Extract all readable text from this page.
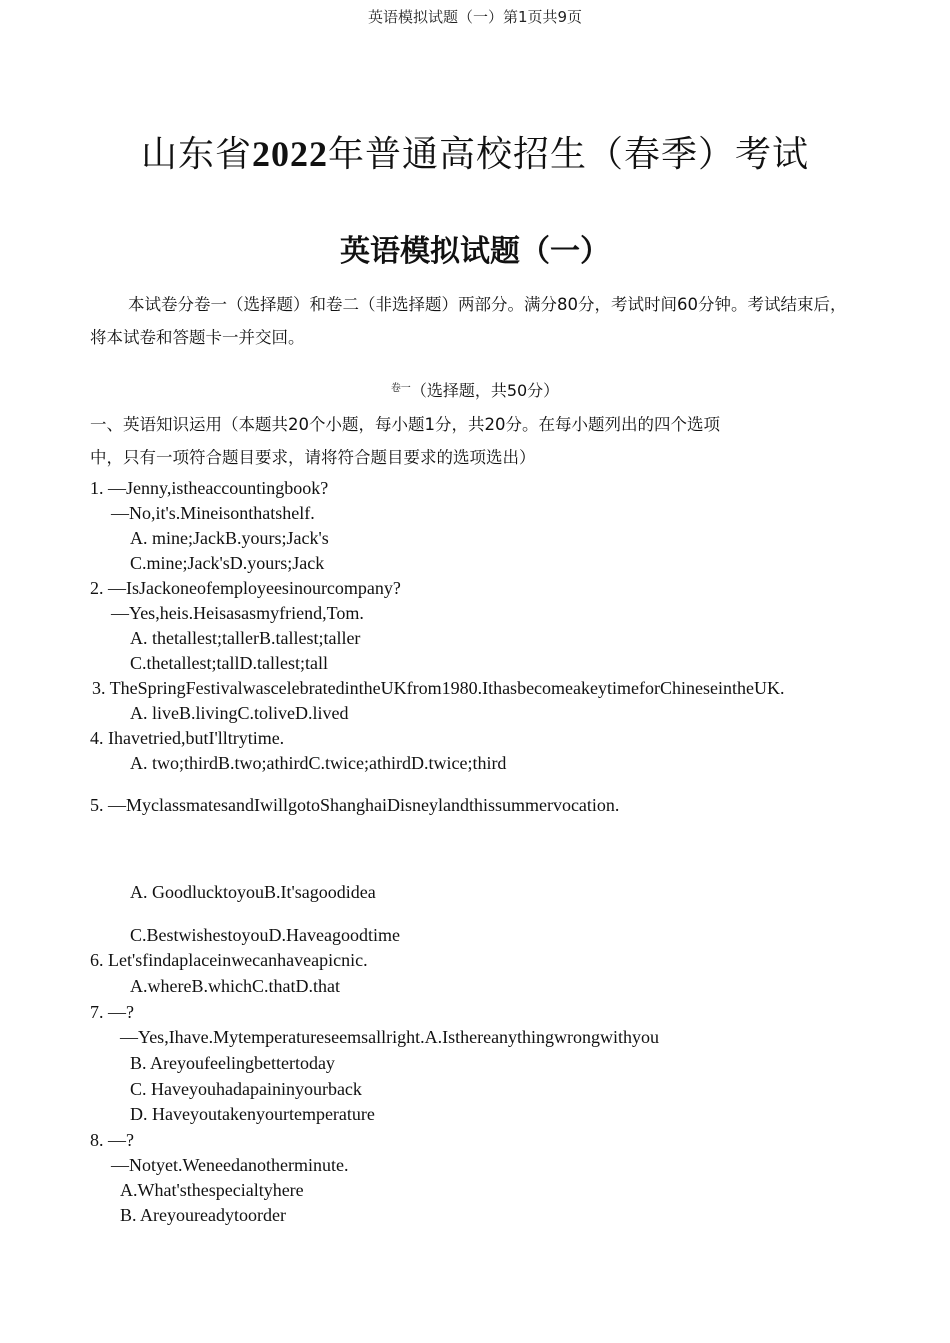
英语模拟试题（一）第1页共9页
山东省2022年普通高校招生（春季）考试
英语模拟试题（一）
本试卷分卷一（选择题）和卷二（非选择题）两部分。满分80分，考试时间60分钟。考试结束后，将本试卷和答题卡一并交回。
$^{卷一}$（选择题，共50分）
一、英语知识运用（本题共20个小题，每小题1分，共20分。在每小题列出的四个选项
中，只有一项符合题目要求，请将符合题目要求的选项选出）
1. —Jenny,istheaccountingbook?
—No,it's.Mineisonthatshelf.
A. mine;JackB.yours;Jack's
C.mine;Jack'sD.yours;Jack
2. —IsJackoneofemployeesinourcompany?
—Yes,heis.Heisasasmyfriend,Tom.
A. thetallest;tallerB.tallest;taller
C.thetallest;tallD.tallest;tall
3. TheSpringFestivalwascelebratedintheUKfrom1980.IthasbecomeakeytimeforChineseintheUK.
A. liveB.livingC.toliveD.lived
4. Ihavetried,butI'lltrytime.
A. two;thirdB.two;athirdC.twice;athirdD.twice;third
5. —MyclassmatesandIwillgotoShanghaiDisneylandthissummervocation.
A. GoodlucktoyouB.It'sagoodidea
C.BestwishestoyouD.Haveagoodtime
6. Let'sfindaplaceinwecanhaveapicnic.
A.whereB.whichC.thatD.that
7. —?
—Yes,Ihave.Mytemperatureseemsallright.A.Isthereanythingwrongwithyou
B. Areyoufeelingbettertoday
C. Haveyouhadapaininyourback
D. Haveyoutakenyourtemperature
8. —?
—Notyet.Weneedanotherminute.
A.What'sthespecialtyhere
B. Areyoureadytoorder
